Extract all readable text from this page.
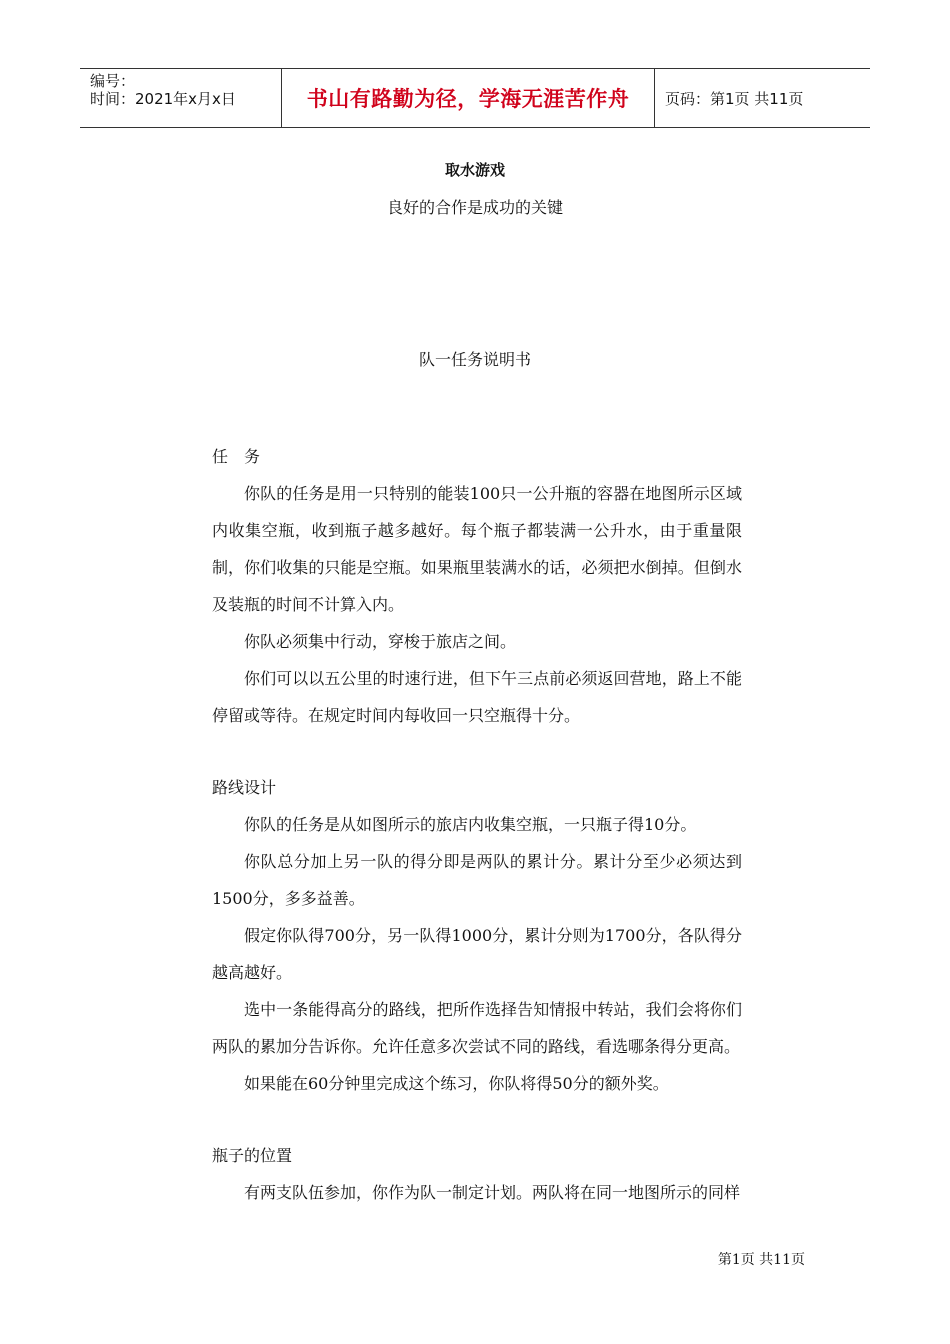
编号：
时间：2021年x月x日	书山有路勤为径，学海无涯苦作舟	页码：第1页 共11页
取水游戏
良好的合作是成功的关键
队一任务说明书

任　务

你队的任务是用一只特别的能装100只一公升瓶的容器在地图所示区域内收集空瓶，收到瓶子越多越好。每个瓶子都装满一公升水，由于重量限制，你们收集的只能是空瓶。如果瓶里装满水的话，必须把水倒掉。但倒水及装瓶的时间不计算入内。

你队必须集中行动，穿梭于旅店之间。

你们可以以五公里的时速行进，但下午三点前必须返回营地，路上不能停留或等待。在规定时间内每收回一只空瓶得十分。

路线设计

你队的任务是从如图所示的旅店内收集空瓶，一只瓶子得10分。

你队总分加上另一队的得分即是两队的累计分。累计分至少必须达到1500分，多多益善。

假定你队得700分，另一队得1000分，累计分则为1700分，各队得分越高越好。

选中一条能得高分的路线，把所作选择告知情报中转站，我们会将你们两队的累加分告诉你。允许任意多次尝试不同的路线，看选哪条得分更高。

如果能在60分钟里完成这个练习，你队将得50分的额外奖。

瓶子的位置

有两支队伍参加，你作为队一制定计划。两队将在同一地图所示的同样

第1页 共11页
